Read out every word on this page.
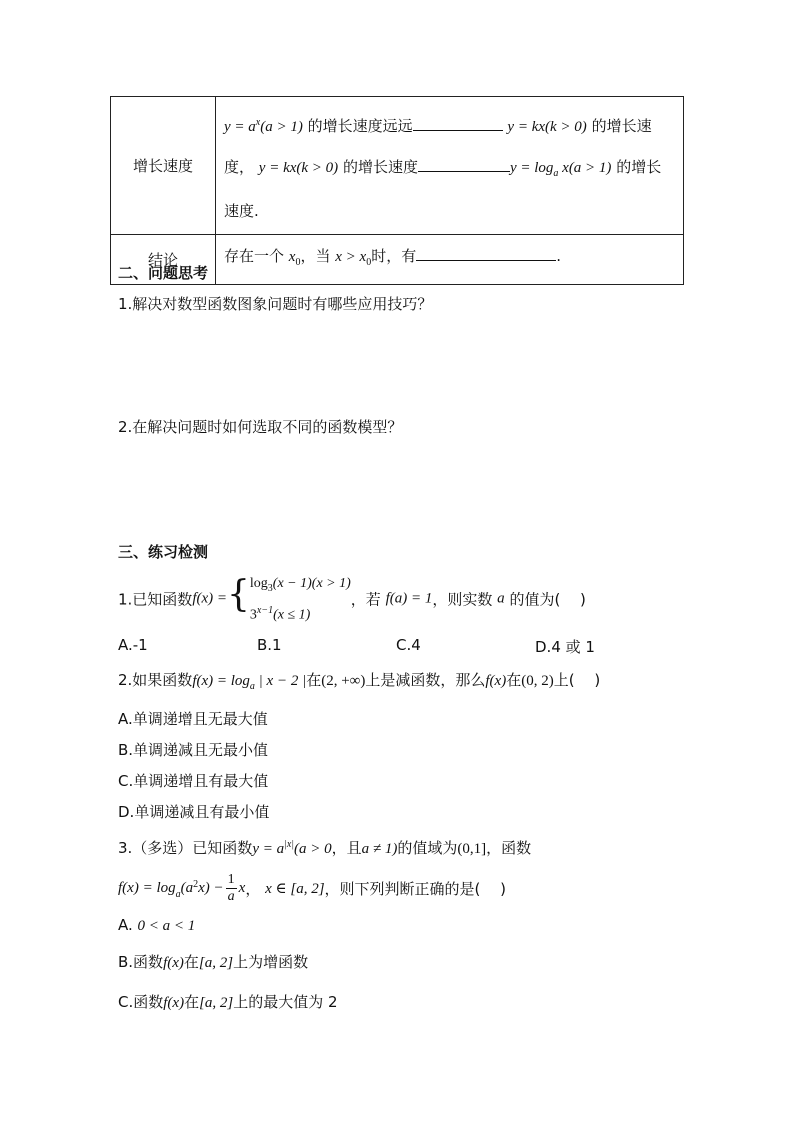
增长速度	$y = a^x(a > 1)$ 的增长速度远远 y = kx(k > 0) 的增长速
度， y = kx(k > 0) 的增长速度 $y = \log_a x(a > 1)$ 的增长
速度.

结论	存在一个 $x_0$，当 $x > x_0$时，有 .
二、问题思考
1.解决对数型函数图象问题时有哪些应用技巧？
2.在解决问题时如何选取不同的函数模型？
三、练习检测
1.已知函数f(x) ={ $\log_3(x - 1)(x > 1)$
$3^{x-1}(x \le 1)$
，若 f(a) = 1，则实数 a 的值为(　 )
A.-1	B.1	C.4	D.4 或 1
2.如果函数$f(x) = \log_a$ | x − 2 |在(2, +∞)上是减函数，那么f(x)在(0, 2)上(　 )
A.单调递增且无最大值
B.单调递减且无最小值
C.单调递增且有最大值
D.单调递减且有最小值
3.（多选）已知函数$y = a^{|x|}(a > 0$，且a ≠ 1)的值域为(0,1]，函数
$f(x) = \log_a(a^2x) - \frac{1}{a}$ x， x ∈ [a, 2]，则下列判断正确的是(　 )
A. 0 < a < 1
B.函数f(x)在[a, 2]上为增函数
C.函数f(x)在[a, 2]上的最大值为 2
